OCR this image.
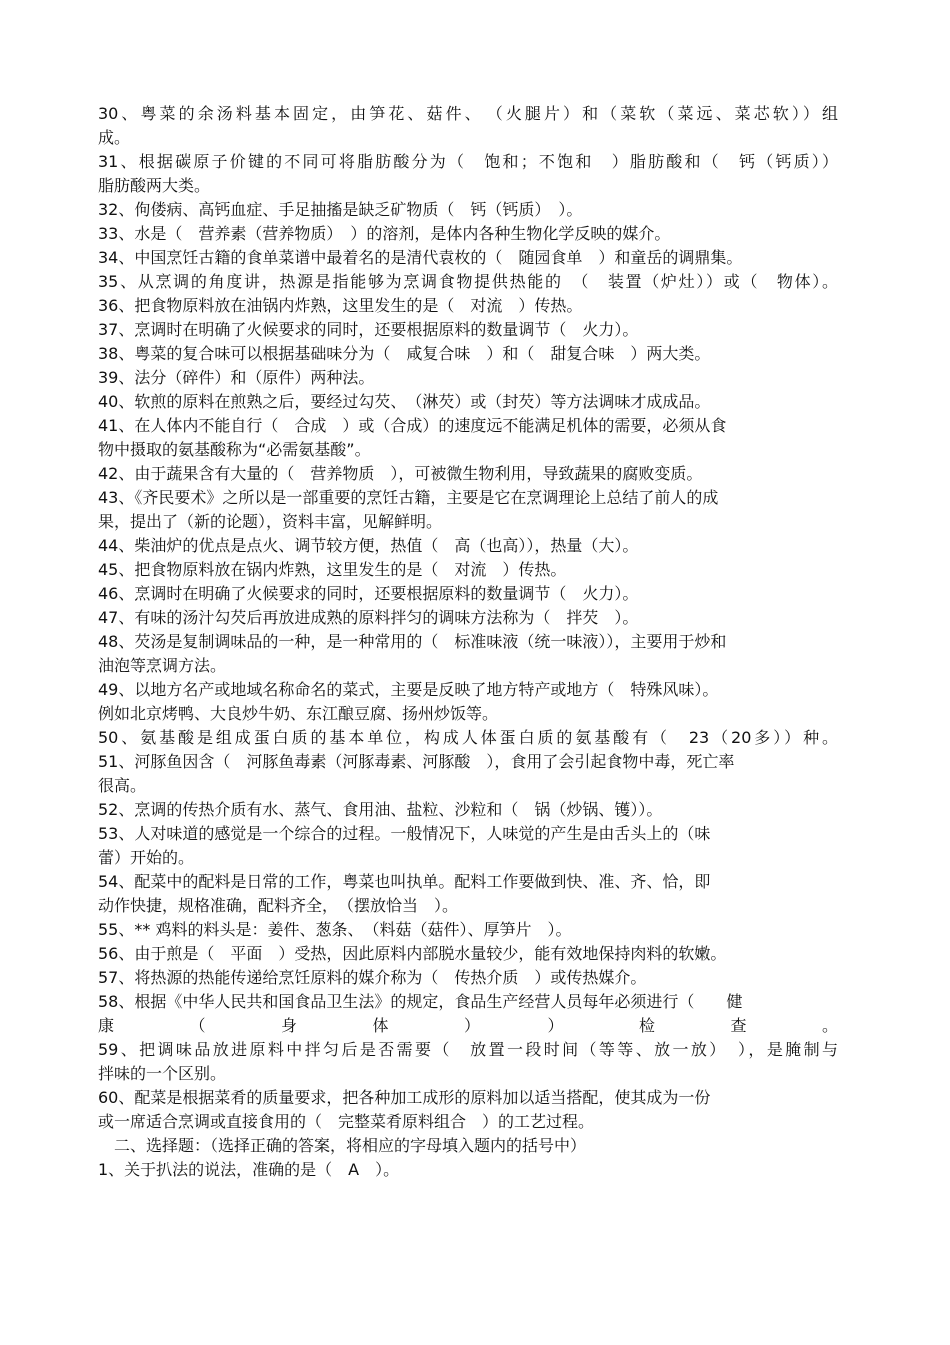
30、粤菜的余汤料基本固定，由笋花、菇件、　（火腿片）和（菜软（菜远、菜芯软））组
成。
31、根据碳原子价键的不同可将脂肪酸分为（　饱和；不饱和　）脂肪酸和（　钙（钙质））
脂肪酸两大类。
32、佝偻病、高钙血症、手足抽搐是缺乏矿物质（　钙（钙质）　）。
33、水是（　营养素（营养物质）　）的溶剂，是体内各种生物化学反映的媒介。
34、中国烹饪古籍的食单菜谱中最着名的是清代袁枚的（　随园食单　）和童岳的调鼎集。
35、从烹调的角度讲，热源是指能够为烹调食物提供热能的　（　装置（炉灶））或（　物体）。
36、把食物原料放在油锅内炸熟，这里发生的是（　对流　）传热。
37、烹调时在明确了火候要求的同时，还要根据原料的数量调节（　火力）。
38、粤菜的复合味可以根据基础味分为（　咸复合味　）和（　甜复合味　）两大类。
39、法分（碎件）和（原件）两种法。
40、软煎的原料在煎熟之后，要经过勾芡、　（淋芡）或（封芡）等方法调味才成成品。
41、在人体内不能自行（　合成　）或（合成）的速度远不能满足机体的需要，必须从食
物中摄取的氨基酸称为“必需氨基酸”。
42、由于蔬果含有大量的（　营养物质　），可被微生物利用，导致蔬果的腐败变质。
43、《齐民要术》之所以是一部重要的烹饪古籍，主要是它在烹调理论上总结了前人的成
果，提出了（新的论题），资料丰富，见解鲜明。
44、柴油炉的优点是点火、调节较方便，热值（　高（也高）），热量（大）。
45、把食物原料放在锅内炸熟，这里发生的是（　对流　）传热。
46、烹调时在明确了火候要求的同时，还要根据原料的数量调节（　火力）。
47、有味的汤汁勾芡后再放进成熟的原料拌匀的调味方法称为（　拌芡　）。
48、芡汤是复制调味品的一种，是一种常用的（　标准味液（统一味液）），主要用于炒和
油泡等烹调方法。
49、以地方名产或地域名称命名的菜式，主要是反映了地方特产或地方（　特殊风味）。
例如北京烤鸭、大良炒牛奶、东江酿豆腐、扬州炒饭等。
50、氨基酸是组成蛋白质的基本单位，构成人体蛋白质的氨基酸有（　23（20多））种。
51、河豚鱼因含（　河豚鱼毒素（河豚毒素、河豚酸　），食用了会引起食物中毒，死亡率
很高。
52、烹调的传热介质有水、蒸气、食用油、盐粒、沙粒和（　锅（炒锅、镬））。
53、人对味道的感觉是一个综合的过程。一般情况下，人味觉的产生是由舌头上的（味
蕾）开始的。
54、配菜中的配料是日常的工作，粤菜也叫执单。配料工作要做到快、准、齐、恰，即
动作快捷，规格准确，配料齐全，　（摆放恰当　）。
55、** 鸡料的料头是：姜件、葱条、　（料菇（菇件）、厚笋片　）。
56、由于煎是（　平面　）受热，因此原料内部脱水量较少，能有效地保持肉料的软嫩。
57、将热源的热能传递给烹饪原料的媒介称为（　传热介质　）或传热媒介。
58、根据《中华人民共和国食品卫生法》的规定，食品生产经营人员每年必须进行（　　健
康（身体））检查。
59、把调味品放进原料中拌匀后是否需要（　放置一段时间（等等、放一放）　），是腌制与
拌味的一个区别。
60、配菜是根据菜肴的质量要求，把各种加工成形的原料加以适当搭配，使其成为一份
或一席适合烹调或直接食用的（　完整菜肴原料组合　）的工艺过程。
　二、选择题：（选择正确的答案，将相应的字母填入题内的括号中）
1、关于扒法的说法，准确的是（　A　）。
